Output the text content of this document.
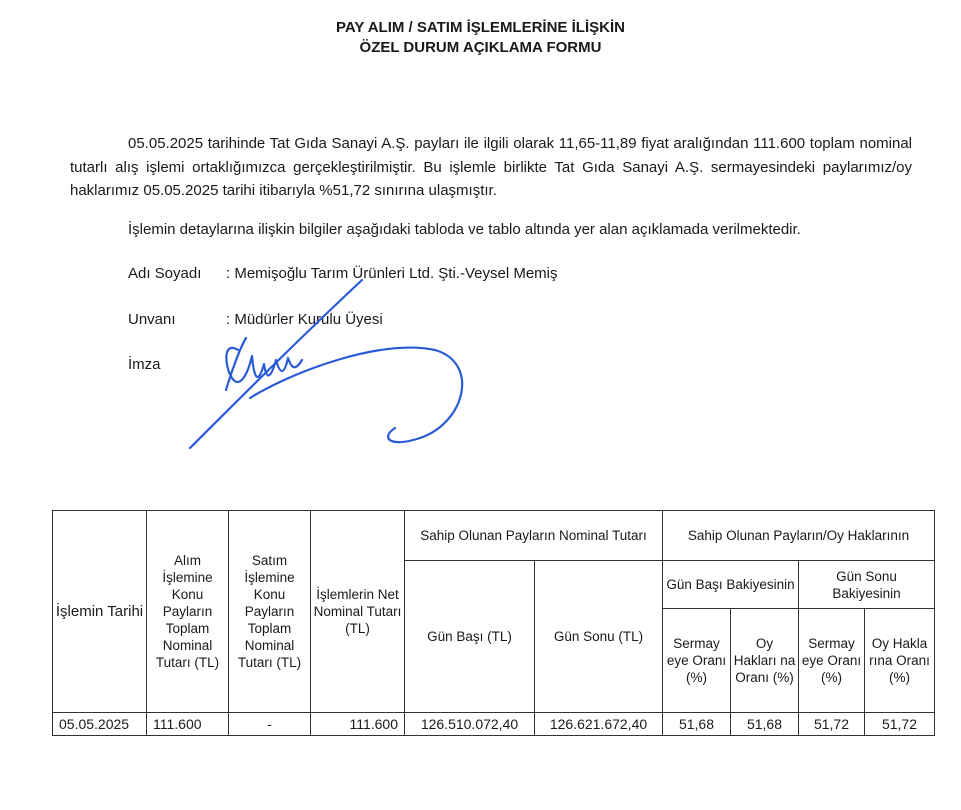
PAY ALIM / SATIM İŞLEMLERİNE İLİŞKİN
ÖZEL DURUM AÇIKLAMA FORMU
05.05.2025 tarihinde Tat Gıda Sanayi A.Ş. payları ile ilgili olarak 11,65-11,89 fiyat aralığından 111.600 toplam nominal tutarlı alış işlemi ortaklığımızca gerçekleştirilmiştir. Bu işlemle birlikte Tat Gıda Sanayi A.Ş. sermayesindeki paylarımız/oy haklarımız 05.05.2025 tarihi itibarıyla %51,72 sınırına ulaşmıştır.
İşlemin detaylarına ilişkin bilgiler aşağıdaki tabloda ve tablo altında yer alan açıklamada verilmektedir.
Adı Soyadı : Memişoğlu Tarım Ürünleri Ltd. Şti.-Veysel Memiş
Unvanı	: Müdürler Kurulu Üyesi
İmza
İşlemin Tarihi	Alım İşlemine Konu Payların Toplam Nominal Tutarı (TL)	Satım İşlemine Konu Payların Toplam Nominal Tutarı (TL)	İşlemlerin Net Nominal Tutarı (TL)	Sahip Olunan Payların Nominal Tutarı		Sahip Olunan Payların/Oy Haklarının			
				Gün Başı (TL)	Gün Sonu (TL)	Gün Başı Bakiyesinin		Gün Sonu Bakiyesinin	
						Sermay eye Oranı (%)	Oy Hakları na Oranı (%)	Sermay eye Oranı (%)	Oy Hakla rına Oranı (%)
05.05.2025	111.600	-	111.600	126.510.072,40	126.621.672,40	51,68	51,68	51,72	51,72
